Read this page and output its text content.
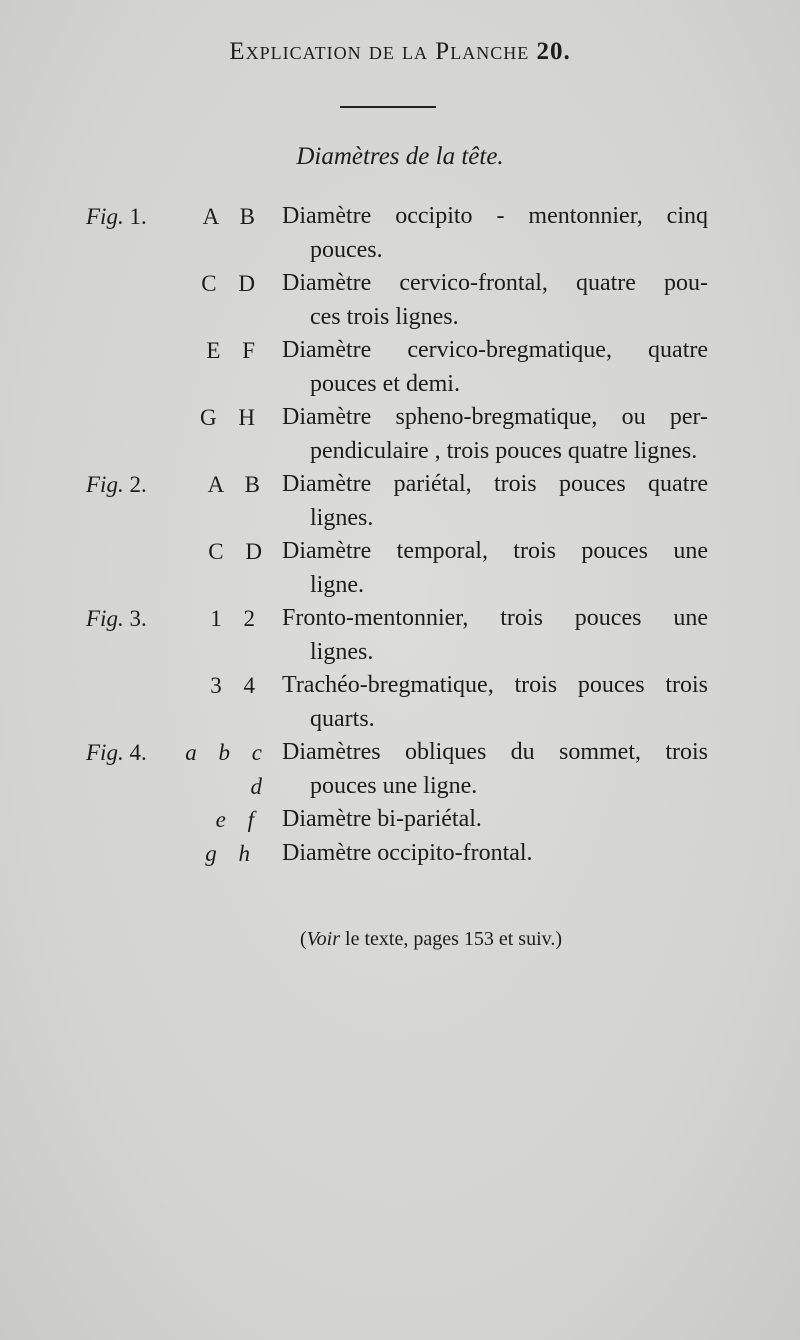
Explication de la Planche 20.
Diamètres de la tête.
Fig. 1.	A B Diamètre occipito - mentonnier, cinq
pouces.
C D Diamètre cervico-frontal, quatre pou-
ces trois lignes.
E F Diamètre cervico-bregmatique, quatre
pouces et demi.
G H Diamètre spheno-bregmatique, ou per-
pendiculaire , trois pouces quatre lignes.
Fig. 2.	A B Diamètre pariétal, trois pouces quatre
lignes.
C D Diamètre temporal, trois pouces une
ligne.
Fig. 3.	1 2 Fronto-mentonnier, trois pouces une
lignes.
3 4 Trachéo-bregmatique, trois pouces trois
quarts.
Fig. 4.	a b c d
Diamètres obliques du sommet, trois
pouces une ligne.
e f Diamètre bi-pariétal.
g h Diamètre occipito-frontal.
(Voir le texte, pages 153 et suiv.)
